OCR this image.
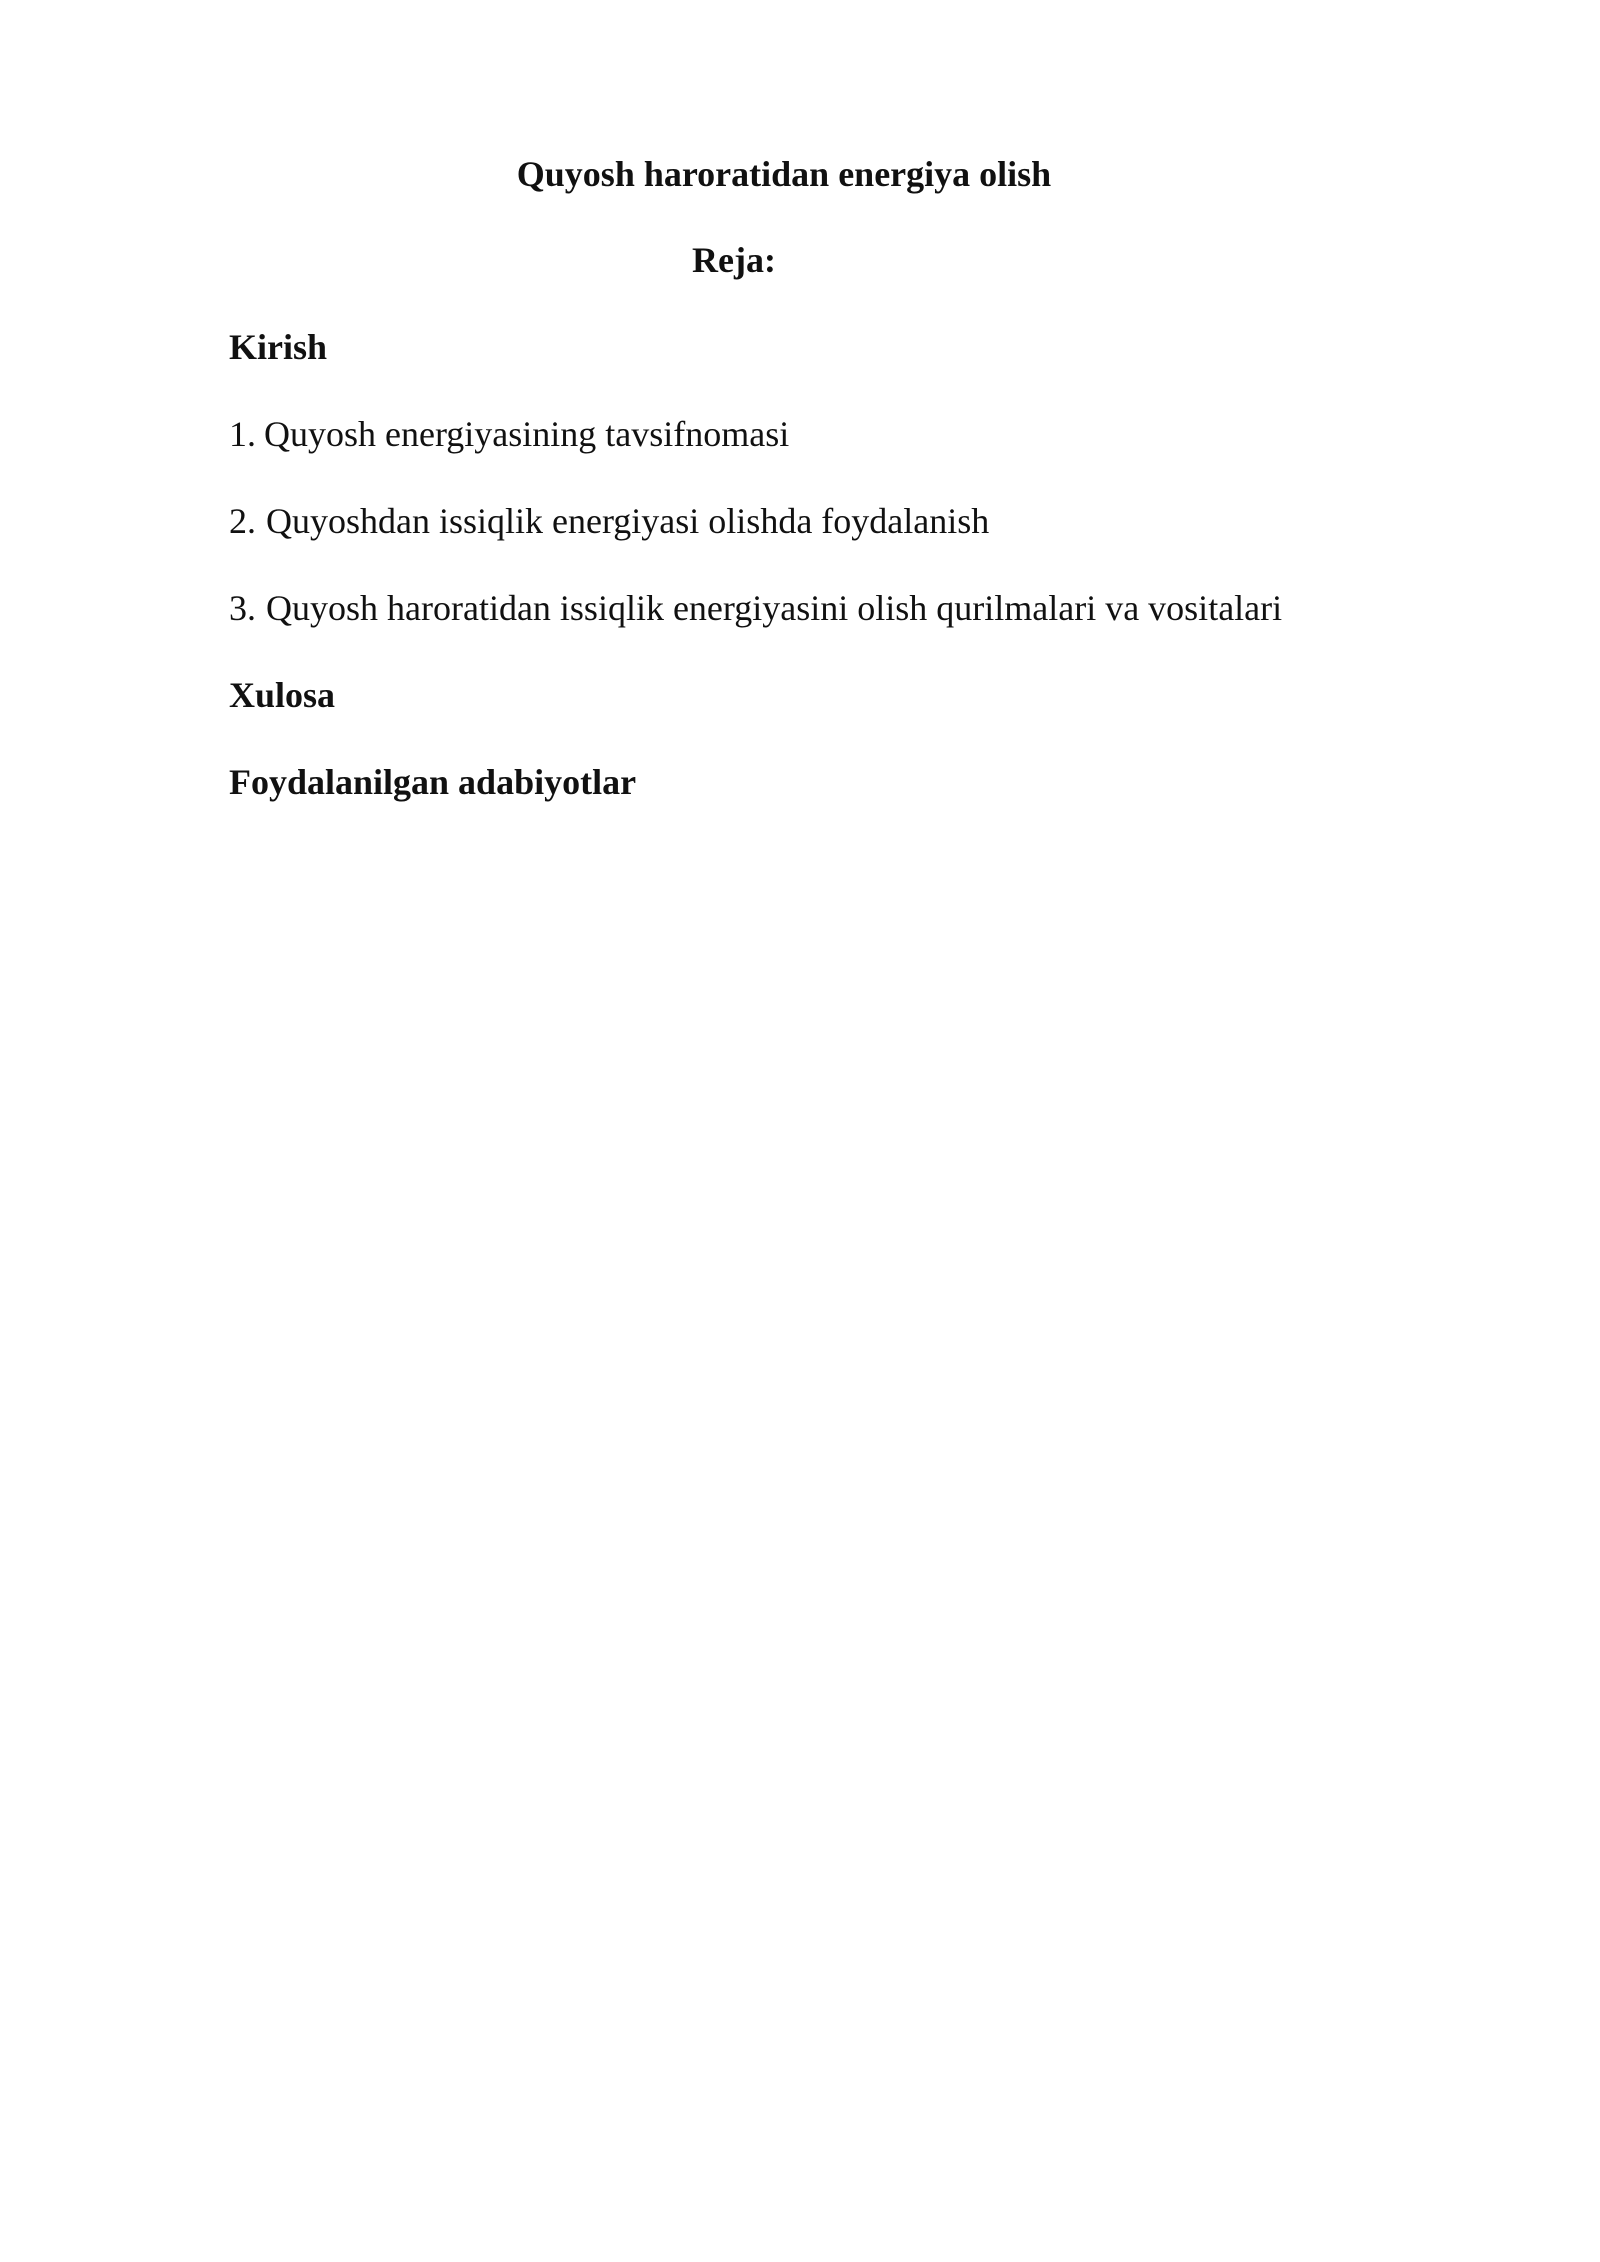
Quyosh haroratidan energiya olish
Reja:

Kirish

1. Quyosh energiyasining tavsifnomasi

2. Quyoshdan issiqlik energiyasi olishda foydalanish

3. Quyosh haroratidan issiqlik energiyasini olish qurilmalari va vositalari

Xulosa

Foydalanilgan adabiyotlar
